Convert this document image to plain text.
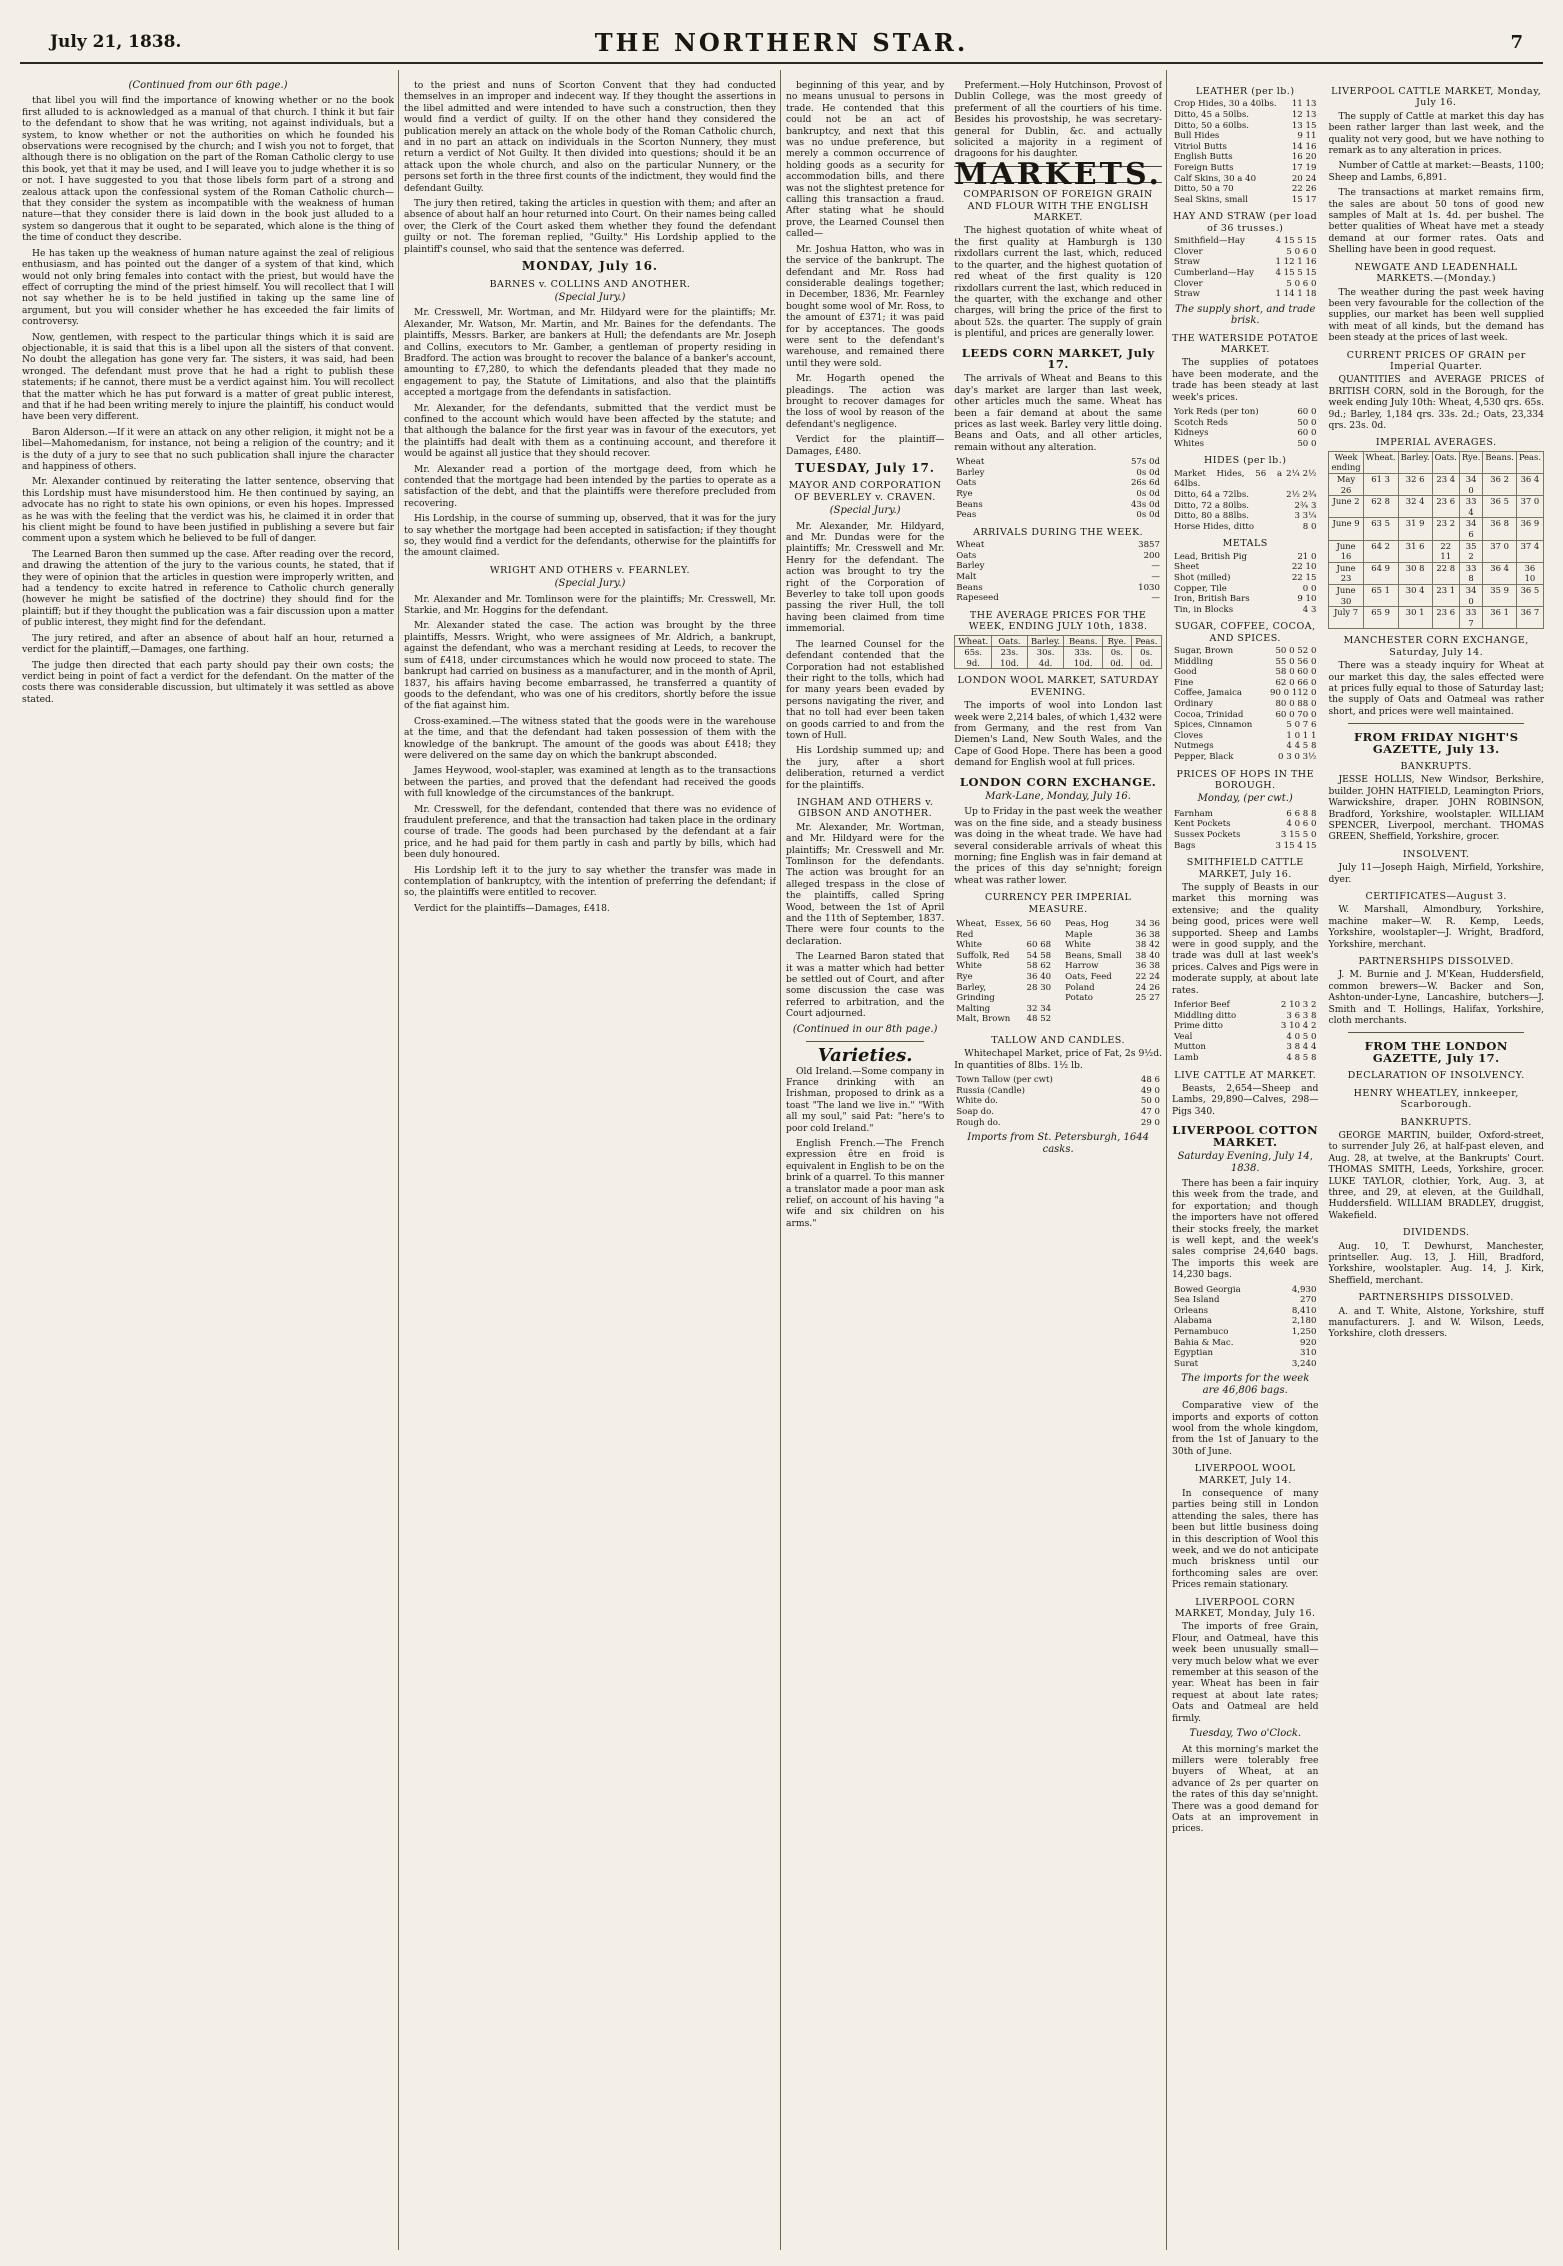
July 21, 1838.	THE NORTHERN STAR.	7
(Continued from our 6th page.)

that libel you will find the importance of knowing whether or no the book first alluded to is acknowledged as a manual of that church. I think it but fair to the defendant to show that he was writing, not against individuals, but a system, to know whether or not the authorities on which he founded his observations were recognised by the church; and I wish you not to forget, that although there is no obligation on the part of the Roman Catholic clergy to use this book, yet that it may be used, and I will leave you to judge whether it is so or not. I have suggested to you that those libels form part of a strong and zealous attack upon the confessional system of the Roman Catholic church—that they consider the system as incompatible with the weakness of human nature—that they consider there is laid down in the book just alluded to a system so dangerous that it ought to be separated, which alone is the thing of the time of conduct they describe.

He has taken up the weakness of human nature against the zeal of religious enthusiasm, and has pointed out the danger of a system of that kind, which would not only bring females into contact with the priest, but would have the effect of corrupting the mind of the priest himself. You will recollect that I will not say whether he is to be held justified in taking up the same line of argument, but you will consider whether he has exceeded the fair limits of controversy.

Now, gentlemen, with respect to the particular things which it is said are objectionable, it is said that this is a libel upon all the sisters of that convent. No doubt the allegation has gone very far. The sisters, it was said, had been wronged. The defendant must prove that he had a right to publish these statements; if he cannot, there must be a verdict against him. You will recollect that the matter which he has put forward is a matter of great public interest, and that if he had been writing merely to injure the plaintiff, his conduct would have been very different.

Baron Alderson.—If it were an attack on any other religion, it might not be a libel—Mahomedanism, for instance, not being a religion of the country; and it is the duty of a jury to see that no such publication shall injure the character and happiness of others.

Mr. Alexander continued by reiterating the latter sentence, observing that this Lordship must have misunderstood him. He then continued by saying, an advocate has no right to state his own opinions, or even his hopes. Impressed as he was with the feeling that the verdict was his, he claimed it in order that his client might be found to have been justified in publishing a severe but fair comment upon a system which he believed to be full of danger.

The Learned Baron then summed up the case. After reading over the record, and drawing the attention of the jury to the various counts, he stated, that if they were of opinion that the articles in question were improperly written, and had a tendency to excite hatred in reference to Catholic church generally (however he might be satisfied of the doctrine) they should find for the plaintiff; but if they thought the publication was a fair discussion upon a matter of public interest, they might find for the defendant.

The jury retired, and after an absence of about half an hour, returned a verdict for the plaintiff,—Damages, one farthing.

The judge then directed that each party should pay their own costs; the verdict being in point of fact a verdict for the defendant. On the matter of the costs there was considerable discussion, but ultimately it was settled as above stated.

to the priest and nuns of Scorton Convent that they had conducted themselves in an improper and indecent way. If they thought the assertions in the libel admitted and were intended to have such a construction, then they would find a verdict of guilty. If on the other hand they considered the publication merely an attack on the whole body of the Roman Catholic church, and in no part an attack on individuals in the Scorton Nunnery, they must return a verdict of Not Guilty. It then divided into questions; should it be an attack upon the whole church, and also on the particular Nunnery, or the persons set forth in the three first counts of the indictment, they would find the defendant Guilty.

The jury then retired, taking the articles in question with them; and after an absence of about half an hour returned into Court. On their names being called over, the Clerk of the Court asked them whether they found the defendant guilty or not. The foreman replied, "Guilty." His Lordship applied to the plaintiff's counsel, who said that the sentence was deferred.

MONDAY, July 16.
BARNES v. COLLINS AND ANOTHER.
(Special Jury.)

Mr. Cresswell, Mr. Wortman, and Mr. Hildyard were for the plaintiffs; Mr. Alexander, Mr. Watson, Mr. Martin, and Mr. Baines for the defendants. The plaintiffs, Messrs. Barker, are bankers at Hull; the defendants are Mr. Joseph and Collins, executors to Mr. Gamber, a gentleman of property residing in Bradford. The action was brought to recover the balance of a banker's account, amounting to £7,280, to which the defendants pleaded that they made no engagement to pay, the Statute of Limitations, and also that the plaintiffs accepted a mortgage from the defendants in satisfaction.

Mr. Alexander, for the defendants, submitted that the verdict must be confined to the account which would have been affected by the statute; and that although the balance for the first year was in favour of the executors, yet the plaintiffs had dealt with them as a continuing account, and therefore it would be against all justice that they should recover.

Mr. Alexander read a portion of the mortgage deed, from which he contended that the mortgage had been intended by the parties to operate as a satisfaction of the debt, and that the plaintiffs were therefore precluded from recovering.

His Lordship, in the course of summing up, observed, that it was for the jury to say whether the mortgage had been accepted in satisfaction; if they thought so, they would find a verdict for the defendants, otherwise for the plaintiffs for the amount claimed.

WRIGHT AND OTHERS v. FEARNLEY.
(Special Jury.)

Mr. Alexander and Mr. Tomlinson were for the plaintiffs; Mr. Cresswell, Mr. Starkie, and Mr. Hoggins for the defendant.

Mr. Alexander stated the case. The action was brought by the three plaintiffs, Messrs. Wright, who were assignees of Mr. Aldrich, a bankrupt, against the defendant, who was a merchant residing at Leeds, to recover the sum of £418, under circumstances which he would now proceed to state. The bankrupt had carried on business as a manufacturer, and in the month of April, 1837, his affairs having become embarrassed, he transferred a quantity of goods to the defendant, who was one of his creditors, shortly before the issue of the fiat against him.

Cross-examined.—The witness stated that the goods were in the warehouse at the time, and that the defendant had taken possession of them with the knowledge of the bankrupt. The amount of the goods was about £418; they were delivered on the same day on which the bankrupt absconded.

James Heywood, wool-stapler, was examined at length as to the transactions between the parties, and proved that the defendant had received the goods with full knowledge of the circumstances of the bankrupt.

Mr. Cresswell, for the defendant, contended that there was no evidence of fraudulent preference, and that the transaction had taken place in the ordinary course of trade. The goods had been purchased by the defendant at a fair price, and he had paid for them partly in cash and partly by bills, which had been duly honoured.

His Lordship left it to the jury to say whether the transfer was made in contemplation of bankruptcy, with the intention of preferring the defendant; if so, the plaintiffs were entitled to recover.

Verdict for the plaintiffs—Damages, £418.

beginning of this year, and by no means unusual to persons in trade. He contended that this could not be an act of bankruptcy, and next that this was no undue preference, but merely a common occurrence of holding goods as a security for accommodation bills, and there was not the slightest pretence for calling this transaction a fraud. After stating what he should prove, the Learned Counsel then called—

Mr. Joshua Hatton, who was in the service of the bankrupt. The defendant and Mr. Ross had considerable dealings together; in December, 1836, Mr. Fearnley bought some wool of Mr. Ross, to the amount of £371; it was paid for by acceptances. The goods were sent to the defendant's warehouse, and remained there until they were sold.

Mr. Hogarth opened the pleadings. The action was brought to recover damages for the loss of wool by reason of the defendant's negligence.

Verdict for the plaintiff—Damages, £480.

TUESDAY, July 17.
MAYOR AND CORPORATION OF BEVERLEY v. CRAVEN.
(Special Jury.)

Mr. Alexander, Mr. Hildyard, and Mr. Dundas were for the plaintiffs; Mr. Cresswell and Mr. Henry for the defendant. The action was brought to try the right of the Corporation of Beverley to take toll upon goods passing the river Hull, the toll having been claimed from time immemorial.

The learned Counsel for the defendant contended that the Corporation had not established their right to the tolls, which had for many years been evaded by persons navigating the river, and that no toll had ever been taken on goods carried to and from the town of Hull.

His Lordship summed up; and the jury, after a short deliberation, returned a verdict for the plaintiffs.

INGHAM AND OTHERS v. GIBSON AND ANOTHER.

Mr. Alexander, Mr. Wortman, and Mr. Hildyard were for the plaintiffs; Mr. Cresswell and Mr. Tomlinson for the defendants. The action was brought for an alleged trespass in the close of the plaintiffs, called Spring Wood, between the 1st of April and the 11th of September, 1837. There were four counts to the declaration.

The Learned Baron stated that it was a matter which had better be settled out of Court, and after some discussion the case was referred to arbitration, and the Court adjourned.

(Continued in our 8th page.)
Varieties.

Old Ireland.—Some company in France drinking with an Irishman, proposed to drink as a toast "The land we live in." "With all my soul," said Pat: "here's to poor cold Ireland."

English French.—The French expression être en froid is equivalent in English to be on the brink of a quarrel. To this manner a translator made a poor man ask relief, on account of his having "a wife and six children on his arms."

Preferment.—Holy Hutchinson, Provost of Dublin College, was the most greedy of preferment of all the courtiers of his time. Besides his provostship, he was secretary-general for Dublin, &c. and actually solicited a majority in a regiment of dragoons for his daughter.

MARKETS.
COMPARISON OF FOREIGN GRAIN AND FLOUR WITH THE ENGLISH MARKET.

The highest quotation of white wheat of the first quality at Hamburgh is 130 rixdollars current the last, which, reduced to the quarter, and the highest quotation of red wheat of the first quality is 120 rixdollars current the last, which reduced in the quarter, with the exchange and other charges, will bring the price of the first to about 52s. the quarter. The supply of grain is plentiful, and prices are generally lower.

LEEDS CORN MARKET, July 17.

The arrivals of Wheat and Beans to this day's market are larger than last week, other articles much the same. Wheat has been a fair demand at about the same prices as last week. Barley very little doing. Beans and Oats, and all other articles, remain without any alteration.

Wheat	57s 0d
Barley	0s 0d
Oats	26s 6d
Rye	0s 0d
Beans	43s 0d
Peas	0s 0d
ARRIVALS DURING THE WEEK.
Wheat	3857
Oats	200
Barley	—
Malt	—
Beans	1030
Rapeseed	—
THE AVERAGE PRICES FOR THE WEEK, ENDING JULY 10th, 1838.
Wheat.	Oats.	Barley.	Beans.	Rye.	Peas.
65s. 9d.	23s. 10d.	30s. 4d.	33s. 10d.	0s. 0d.	0s. 0d.
LONDON WOOL MARKET, SATURDAY EVENING.

The imports of wool into London last week were 2,214 bales, of which 1,432 were from Germany, and the rest from Van Diemen's Land, New South Wales, and the Cape of Good Hope. There has been a good demand for English wool at full prices.

LONDON CORN EXCHANGE.
Mark-Lane, Monday, July 16.

Up to Friday in the past week the weather was on the fine side, and a steady business was doing in the wheat trade. We have had several considerable arrivals of wheat this morning; fine English was in fair demand at the prices of this day se'nnight; foreign wheat was rather lower.

CURRENCY PER IMPERIAL MEASURE.
Wheat, Essex, Red	56 60
White	60 68
Suffolk, Red	54 58
White	58 62
Rye	36 40
Barley, Grinding	28 30
Malting	32 34
Malt, Brown	48 52
Peas, Hog	34 36
Maple	36 38
White	38 42
Beans, Small	38 40
Harrow	36 38
Oats, Feed	22 24
Poland	24 26
Potato	25 27
TALLOW AND CANDLES.

Whitechapel Market, price of Fat, 2s 9½d. In quantities of 8lbs. 1½ lb.

Town Tallow (per cwt)	48 6
Russia (Candle)	49 0
White do.	50 0
Soap do.	47 0
Rough do.	29 0
Imports from St. Petersburgh, 1644 casks.
LEATHER (per lb.)
Crop Hides, 30 a 40lbs.	11 13
Ditto, 45 a 50lbs.	12 13
Ditto, 50 a 60lbs.	13 15
Bull Hides	9 11
Vitriol Butts	14 16
English Butts	16 20
Foreign Butts	17 19
Calf Skins, 30 a 40	20 24
Ditto, 50 a 70	22 26
Seal Skins, small	15 17
HAY AND STRAW (per load of 36 trusses.)
Smithfield—Hay	4 15 5 15
Clover	5 0 6 0
Straw	1 12 1 16
Cumberland—Hay	4 15 5 15
Clover	5 0 6 0
Straw	1 14 1 18
The supply short, and trade brisk.
THE WATERSIDE POTATOE MARKET.

The supplies of potatoes have been moderate, and the trade has been steady at last week's prices.

York Reds (per ton)	60 0
Scotch Reds	50 0
Kidneys	60 0
Whites	50 0
HIDES (per lb.)
Market Hides, 56 a 64lbs.	2¼ 2½
Ditto, 64 a 72lbs.	2½ 2¾
Ditto, 72 a 80lbs.	2¾ 3
Ditto, 80 a 88lbs.	3 3¼
Horse Hides, ditto	8 0
METALS
Lead, British Pig	21 0
Sheet	22 10
Shot (milled)	22 15
Copper, Tile	0 0
Iron, British Bars	9 10
Tin, in Blocks	4 3
SUGAR, COFFEE, COCOA, AND SPICES.
Sugar, Brown	50 0 52 0
Middling	55 0 56 0
Good	58 0 60 0
Fine	62 0 66 0
Coffee, Jamaica	90 0 112 0
Ordinary	80 0 88 0
Cocoa, Trinidad	60 0 70 0
Spices, Cinnamon	5 0 7 6
Cloves	1 0 1 1
Nutmegs	4 4 5 8
Pepper, Black	0 3 0 3½
PRICES OF HOPS IN THE BOROUGH.
Monday, (per cwt.)
Farnham	6 6 8 8
Kent Pockets	4 0 6 0
Sussex Pockets	3 15 5 0
Bags	3 15 4 15
SMITHFIELD CATTLE MARKET, July 16.

The supply of Beasts in our market this morning was extensive; and the quality being good, prices were well supported. Sheep and Lambs were in good supply, and the trade was dull at last week's prices. Calves and Pigs were in moderate supply, at about late rates.

Inferior Beef	2 10 3 2
Middling ditto	3 6 3 8
Prime ditto	3 10 4 2
Veal	4 0 5 0
Mutton	3 8 4 4
Lamb	4 8 5 8
LIVE CATTLE AT MARKET.

Beasts, 2,654—Sheep and Lambs, 29,890—Calves, 298—Pigs 340.

LIVERPOOL COTTON MARKET.
Saturday Evening, July 14, 1838.

There has been a fair inquiry this week from the trade, and for exportation; and though the importers have not offered their stocks freely, the market is well kept, and the week's sales comprise 24,640 bags. The imports this week are 14,230 bags.

Bowed Georgia	4,930
Sea Island	270
Orleans	8,410
Alabama	2,180
Pernambuco	1,250
Bahia & Mac.	920
Egyptian	310
Surat	3,240
The imports for the week are 46,806 bags.

Comparative view of the imports and exports of cotton wool from the whole kingdom, from the 1st of January to the 30th of June.

LIVERPOOL WOOL MARKET, July 14.

In consequence of many parties being still in London attending the sales, there has been but little business doing in this description of Wool this week, and we do not anticipate much briskness until our forthcoming sales are over. Prices remain stationary.

LIVERPOOL CORN MARKET, Monday, July 16.

The imports of free Grain, Flour, and Oatmeal, have this week been unusually small—very much below what we ever remember at this season of the year. Wheat has been in fair request at about late rates; Oats and Oatmeal are held firmly.

Tuesday, Two o'Clock.

At this morning's market the millers were tolerably free buyers of Wheat, at an advance of 2s per quarter on the rates of this day se'nnight. There was a good demand for Oats at an improvement in prices.

LIVERPOOL CATTLE MARKET, Monday, July 16.

The supply of Cattle at market this day has been rather larger than last week, and the quality not very good, but we have nothing to remark as to any alteration in prices.

Number of Cattle at market:—Beasts, 1100; Sheep and Lambs, 6,891.

The transactions at market remains firm, the sales are about 50 tons of good new samples of Malt at 1s. 4d. per bushel. The better qualities of Wheat have met a steady demand at our former rates. Oats and Shelling have been in good request.

NEWGATE AND LEADENHALL MARKETS.—(Monday.)

The weather during the past week having been very favourable for the collection of the supplies, our market has been well supplied with meat of all kinds, but the demand has been steady at the prices of last week.

CURRENT PRICES OF GRAIN per Imperial Quarter.

QUANTITIES and AVERAGE PRICES of BRITISH CORN, sold in the Borough, for the week ending July 10th: Wheat, 4,530 qrs. 65s. 9d.; Barley, 1,184 qrs. 33s. 2d.; Oats, 23,334 qrs. 23s. 0d.

IMPERIAL AVERAGES.
Week ending	Wheat.	Barley.	Oats.	Rye.	Beans.	Peas.
May 26	61 3	32 6	23 4	34 0	36 2	36 4
June 2	62 8	32 4	23 6	33 4	36 5	37 0
June 9	63 5	31 9	23 2	34 6	36 8	36 9
June 16	64 2	31 6	22 11	35 2	37 0	37 4
June 23	64 9	30 8	22 8	33 8	36 4	36 10
June 30	65 1	30 4	23 1	34 0	35 9	36 5
July 7	65 9	30 1	23 6	33 7	36 1	36 7
MANCHESTER CORN EXCHANGE, Saturday, July 14.

There was a steady inquiry for Wheat at our market this day, the sales effected were at prices fully equal to those of Saturday last; the supply of Oats and Oatmeal was rather short, and prices were well maintained.

FROM FRIDAY NIGHT'S GAZETTE, July 13.
BANKRUPTS.

JESSE HOLLIS, New Windsor, Berkshire, builder. JOHN HATFIELD, Leamington Priors, Warwickshire, draper. JOHN ROBINSON, Bradford, Yorkshire, woolstapler. WILLIAM SPENCER, Liverpool, merchant. THOMAS GREEN, Sheffield, Yorkshire, grocer.

INSOLVENT.

July 11—Joseph Haigh, Mirfield, Yorkshire, dyer.

CERTIFICATES—August 3.

W. Marshall, Almondbury, Yorkshire, machine maker—W. R. Kemp, Leeds, Yorkshire, woolstapler—J. Wright, Bradford, Yorkshire, merchant.

PARTNERSHIPS DISSOLVED.

J. M. Burnie and J. M'Kean, Huddersfield, common brewers—W. Backer and Son, Ashton-under-Lyne, Lancashire, butchers—J. Smith and T. Hollings, Halifax, Yorkshire, cloth merchants.

FROM THE LONDON GAZETTE, July 17.
DECLARATION OF INSOLVENCY.
HENRY WHEATLEY, innkeeper, Scarborough.
BANKRUPTS.

GEORGE MARTIN, builder, Oxford-street, to surrender July 26, at half-past eleven, and Aug. 28, at twelve, at the Bankrupts' Court. THOMAS SMITH, Leeds, Yorkshire, grocer. LUKE TAYLOR, clothier, York, Aug. 3, at three, and 29, at eleven, at the Guildhall, Huddersfield. WILLIAM BRADLEY, druggist, Wakefield.

DIVIDENDS.

Aug. 10, T. Dewhurst, Manchester, printseller. Aug. 13, J. Hill, Bradford, Yorkshire, woolstapler. Aug. 14, J. Kirk, Sheffield, merchant.

PARTNERSHIPS DISSOLVED.

A. and T. White, Alstone, Yorkshire, stuff manufacturers. J. and W. Wilson, Leeds, Yorkshire, cloth dressers.
